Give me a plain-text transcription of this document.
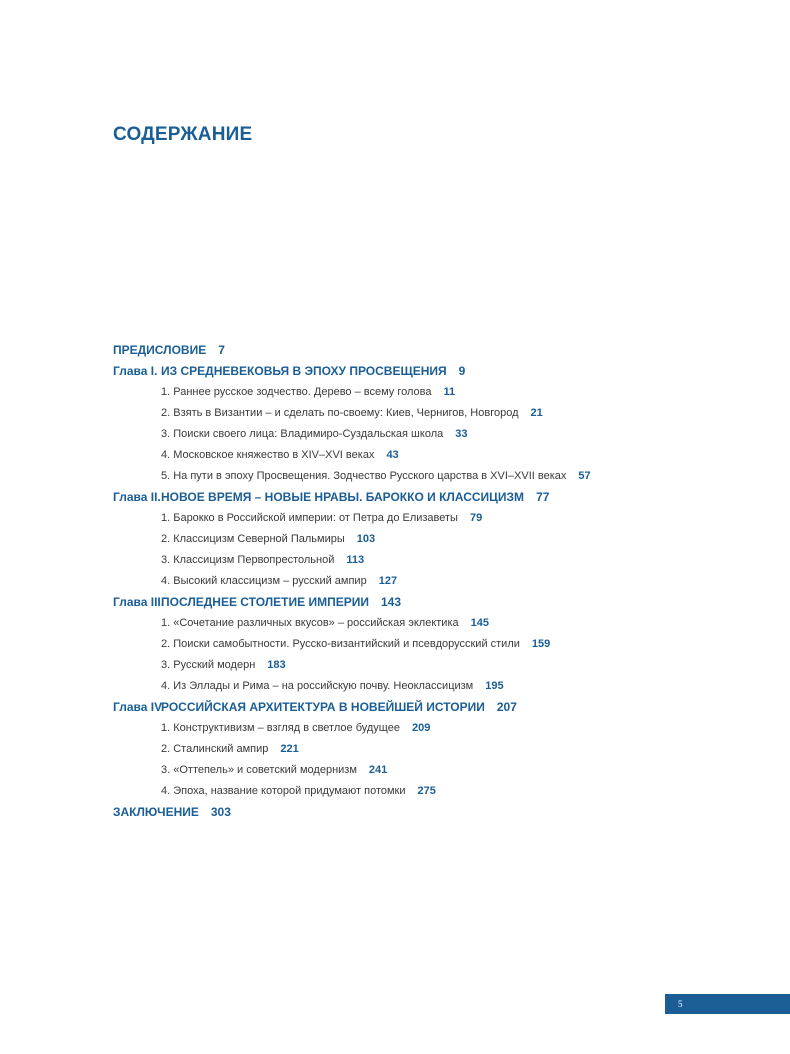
СОДЕРЖАНИЕ
ПРЕДИСЛОВИЕ 7
Глава I. ИЗ СРЕДНЕВЕКОВЬЯ В ЭПОХУ ПРОСВЕЩЕНИЯ 9
1. Раннее русское зодчество. Дерево – всему голова 11
2. Взять в Византии – и сделать по-своему: Киев, Чернигов, Новгород 21
3. Поиски своего лица: Владимиро-Суздальская школа 33
4. Московское княжество в XIV–XVI веках 43
5. На пути в эпоху Просвещения. Зодчество Русского царства в XVI–XVII веках 57
Глава II. НОВОЕ ВРЕМЯ – НОВЫЕ НРАВЫ. БАРОККО И КЛАССИЦИЗМ 77
1. Барокко в Российской империи: от Петра до Елизаветы 79
2. Классицизм Северной Пальмиры 103
3. Классицизм Первопрестольной 113
4. Высокий классицизм – русский ампир 127
Глава III.
ПОСЛЕДНЕЕ СТОЛЕТИЕ ИМПЕРИИ 143
1. «Сочетание различных вкусов» – российская эклектика 145
2. Поиски самобытности. Русско-византийский и псевдорусский стили 159
3. Русский модерн 183
4. Из Эллады и Рима – на российскую почву. Неоклассицизм 195
Глава IV.
РОССИЙСКАЯ АРХИТЕКТУРА В НОВЕЙШЕЙ ИСТОРИИ 207
1. Конструктивизм – взгляд в светлое будущее 209
2. Сталинский ампир 221
3. «Оттепель» и советский модернизм 241
4. Эпоха, название которой придумают потомки 275
ЗАКЛЮЧЕНИЕ 303
5
